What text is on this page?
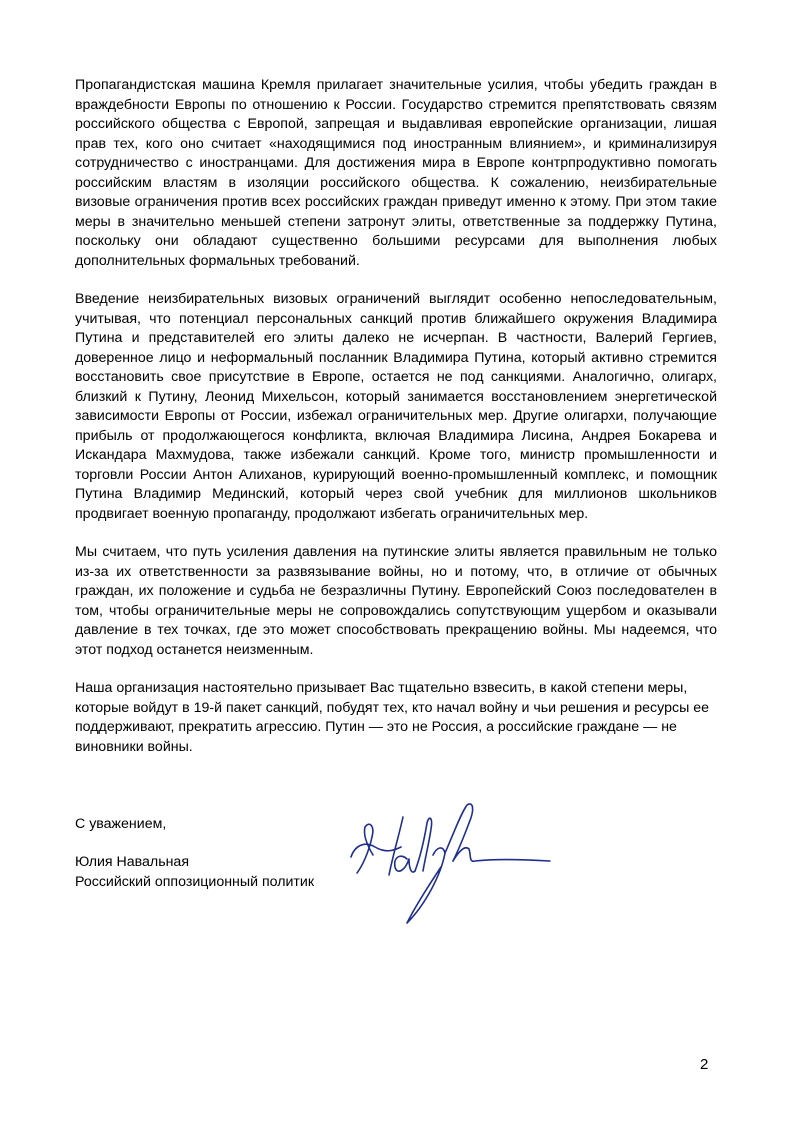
Пропагандистская машина Кремля прилагает значительные усилия, чтобы убедить граждан в враждебности Европы по отношению к России. Государство стремится препятствовать связям российского общества с Европой, запрещая и выдавливая европейские организации, лишая прав тех, кого оно считает «находящимися под иностранным влиянием», и криминализируя сотрудничество с иностранцами. Для достижения мира в Европе контрпродуктивно помогать российским властям в изоляции российского общества. К сожалению, неизбирательные визовые ограничения против всех российских граждан приведут именно к этому. При этом такие меры в значительно меньшей степени затронут элиты, ответственные за поддержку Путина, поскольку они обладают существенно большими ресурсами для выполнения любых дополнительных формальных требований.

Введение неизбирательных визовых ограничений выглядит особенно непоследовательным, учитывая, что потенциал персональных санкций против ближайшего окружения Владимира Путина и представителей его элиты далеко не исчерпан. В частности, Валерий Гергиев, доверенное лицо и неформальный посланник Владимира Путина, который активно стремится восстановить свое присутствие в Европе, остается не под санкциями. Аналогично, олигарх, близкий к Путину, Леонид Михельсон, который занимается восстановлением энергетической зависимости Европы от России, избежал ограничительных мер. Другие олигархи, получающие прибыль от продолжающегося конфликта, включая Владимира Лисина, Андрея Бокарева и Искандара Махмудова, также избежали санкций. Кроме того, министр промышленности и торговли России Антон Алиханов, курирующий военно-промышленный комплекс, и помощник Путина Владимир Мединский, который через свой учебник для миллионов школьников продвигает военную пропаганду, продолжают избегать ограничительных мер.

Мы считаем, что путь усиления давления на путинские элиты является правильным не только из-за их ответственности за развязывание войны, но и потому, что, в отличие от обычных граждан, их положение и судьба не безразличны Путину. Европейский Союз последователен в том, чтобы ограничительные меры не сопровождались сопутствующим ущербом и оказывали давление в тех точках, где это может способствовать прекращению войны. Мы надеемся, что этот подход останется неизменным.

Наша организация настоятельно призывает Вас тщательно взвесить, в какой степени меры, которые войдут в 19-й пакет санкций, побудят тех, кто начал войну и чьи решения и ресурсы ее поддерживают, прекратить агрессию. Путин — это не Россия, а российские граждане — не виновники войны.

С уважением,
Юлия Навальная
Российский оппозиционный политик
2
